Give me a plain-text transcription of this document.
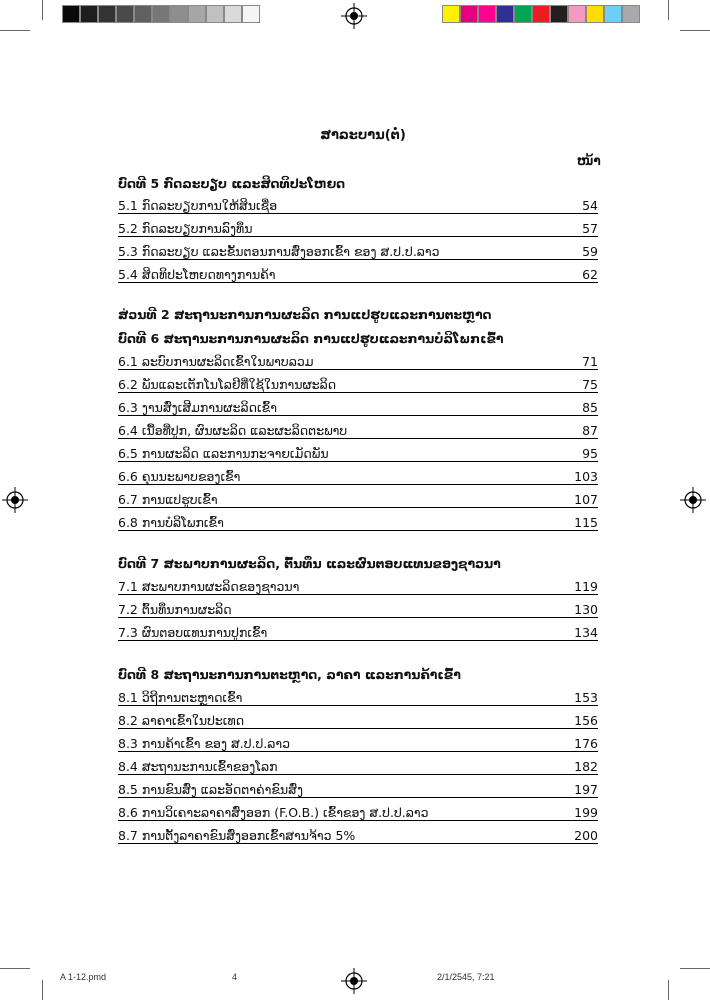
ສາລະບານ(ຕໍ່)
ໜ້າ
ບົດທີ 5 ກົດລະບຽບ ແລະສິດທິປະໂຫຍດ
5.1 ກົດລະບຽບການໃຫ້ສິນເຊື່ອ	54
5.2 ກົດລະບຽບການລົງທຶນ	57
5.3 ກົດລະບຽບ ແລະຂັ້ນຕອນການສົ່ງອອກເຂົ້າ ຂອງ ສ.ປ.ປ.ລາວ	59
5.4 ສິດທິປະໂຫຍດທາງການຄ້າ	62
ສ່ວນທີ 2 ສະຖານະການການຜະລິດ ການແປຮູບແລະການຕະຫຼາດ
ບົດທີ 6 ສະຖານະການການຜະລິດ ການແປຮູບແລະການບໍລິໂພກເຂົ້າ
6.1 ລະບົບການຜະລິດເຂົ້າໃນພາບລວມ	71
6.2 ພັນແລະເຕັກໂນໂລຢີທີ່ໃຊ້ໃນການຜະລິດ	75
6.3 ງານສົ່ງເສີມການຜະລິດເຂົ້າ	85
6.4 ເນື້ອທີ່ປູກ, ຜົນຜະລິດ ແລະຜະລິດຕະພາບ	87
6.5 ການຜະລິດ ແລະການກະຈາຍເມັດພັນ	95
6.6 ຄຸນນະພາບຂອງເຂົ້າ	103
6.7 ການແປຮູບເຂົ້າ	107
6.8 ການບໍລິໂພກເຂົ້າ	115
ບົດທີ 7 ສະພາບການຜະລິດ, ຕົ້ນທຶນ ແລະຜົນຕອບແທນຂອງຊາວນາ
7.1 ສະພາບການຜະລິດຂອງຊາວນາ	119
7.2 ຕົ້ນທຶນການຜະລິດ	130
7.3 ຜົນຕອບແທນການປູກເຂົ້າ	134
ບົດທີ 8 ສະຖານະການການຕະຫຼາດ, ລາຄາ ແລະການຄ້າເຂົ້າ
8.1 ວິຖີການຕະຫຼາດເຂົ້າ	153
8.2 ລາຄາເຂົ້າໃນປະເທດ	156
8.3 ການຄ້າເຂົ້າ ຂອງ ສ.ປ.ປ.ລາວ	176
8.4 ສະຖານະການເຂົ້າຂອງໂລກ	182
8.5 ການຂົນສົ່ງ ແລະອັດຕາຄ່າຂົນສົ່ງ	197
8.6 ການວິເຄາະລາຄາສົ່ງອອກ (F.O.B.) ເຂົ້າຂອງ ສ.ປ.ປ.ລາວ	199
8.7 ການຕັ້ງລາຄາຂົນສົ່ງອອກເຂົ້າສານຈ້າວ 5%	200
A 1-12.pmd	4	2/1/2545, 7:21
